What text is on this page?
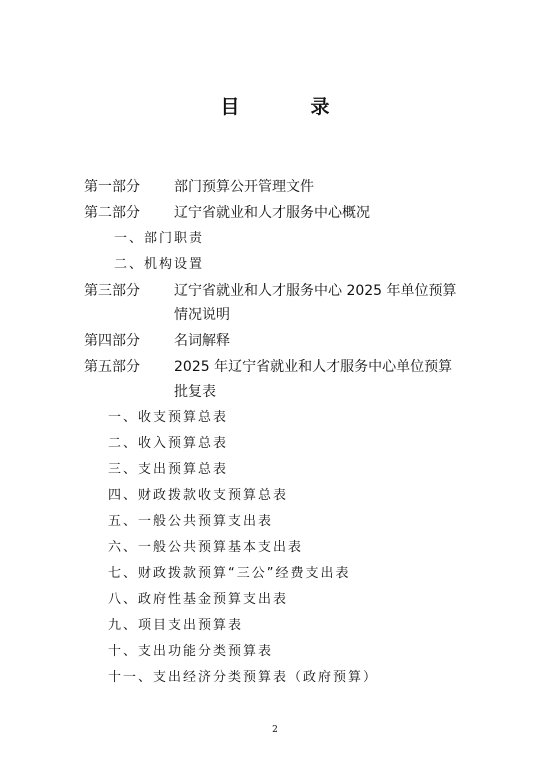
目　录
第一部分 部门预算公开管理文件
第二部分 辽宁省就业和人才服务中心概况
一、部门职责
二、机构设置
第三部分 辽宁省就业和人才服务中心 2025 年单位预算
情况说明
第四部分 名词解释
第五部分 2025 年辽宁省就业和人才服务中心单位预算
批复表
一、收支预算总表
二、收入预算总表
三、支出预算总表
四、财政拨款收支预算总表
五、一般公共预算支出表
六、一般公共预算基本支出表
七、财政拨款预算“三公”经费支出表
八、政府性基金预算支出表
九、项目支出预算表
十、支出功能分类预算表
十一、支出经济分类预算表（政府预算）
2
